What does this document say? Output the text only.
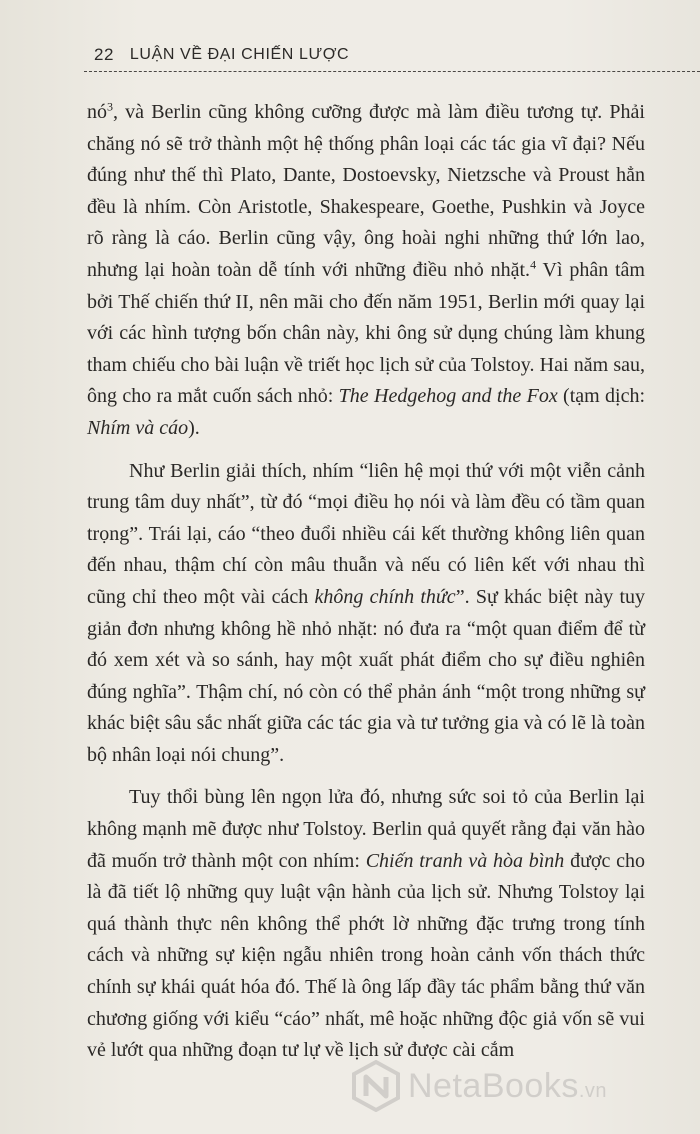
22 LUẬN VỀ ĐẠI CHIẾN LƯỢC

$nó^3$, và Berlin cũng không cưỡng được mà làm điều tương tự. Phải chăng nó sẽ trở thành một hệ thống phân loại các tác gia vĩ đại? Nếu đúng như thế thì Plato, Dante, Dostoevsky, Nietzsche và Proust hẳn đều là nhím. Còn Aristotle, Shakespeare, Goethe, Pushkin và Joyce rõ ràng là cáo. Berlin cũng vậy, ông hoài nghi những thứ lớn lao, nhưng lại hoàn toàn dễ tính với những điều nhỏ nhặt.$^4$ Vì phân tâm bởi Thế chiến thứ II, nên mãi cho đến năm 1951, Berlin mới quay lại với các hình tượng bốn chân này, khi ông sử dụng chúng làm khung tham chiếu cho bài luận về triết học lịch sử của Tolstoy. Hai năm sau, ông cho ra mắt cuốn sách nhỏ: The Hedgehog and the Fox (tạm dịch: Nhím và cáo).

Như Berlin giải thích, nhím “liên hệ mọi thứ với một viễn cảnh trung tâm duy nhất”, từ đó “mọi điều họ nói và làm đều có tầm quan trọng”. Trái lại, cáo “theo đuổi nhiều cái kết thường không liên quan đến nhau, thậm chí còn mâu thuẫn và nếu có liên kết với nhau thì cũng chỉ theo một vài cách không chính thức”. Sự khác biệt này tuy giản đơn nhưng không hề nhỏ nhặt: nó đưa ra “một quan điểm để từ đó xem xét và so sánh, hay một xuất phát điểm cho sự điều nghiên đúng nghĩa”. Thậm chí, nó còn có thể phản ánh “một trong những sự khác biệt sâu sắc nhất giữa các tác gia và tư tưởng gia và có lẽ là toàn bộ nhân loại nói chung”.

Tuy thổi bùng lên ngọn lửa đó, nhưng sức soi tỏ của Berlin lại không mạnh mẽ được như Tolstoy. Berlin quả quyết rằng đại văn hào đã muốn trở thành một con nhím: Chiến tranh và hòa bình được cho là đã tiết lộ những quy luật vận hành của lịch sử. Nhưng Tolstoy lại quá thành thực nên không thể phớt lờ những đặc trưng trong tính cách và những sự kiện ngẫu nhiên trong hoàn cảnh vốn thách thức chính sự khái quát hóa đó. Thế là ông lấp đầy tác phẩm bằng thứ văn chương giống với kiểu “cáo” nhất, mê hoặc những độc giả vốn sẽ vui vẻ lướt qua những đoạn tư lự về lịch sử được cài cắm

NetaBooks.vn
